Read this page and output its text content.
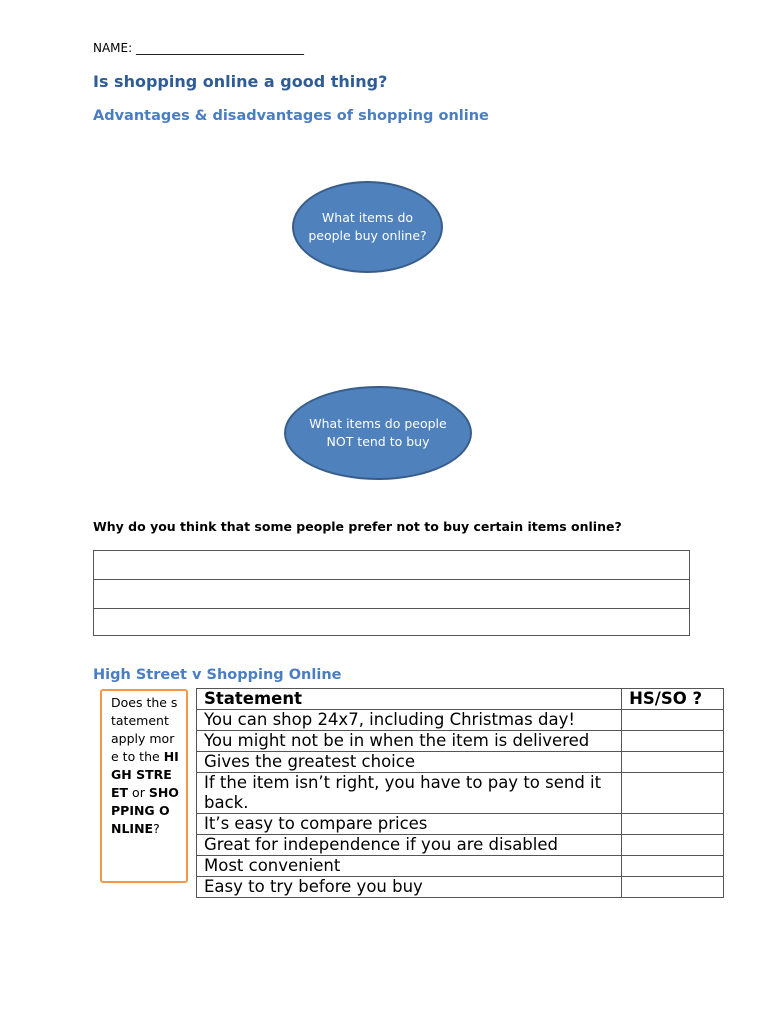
NAME: ____________________________
Is shopping online a good thing?
Advantages & disadvantages of shopping online
What items do people buy online?
What items do people NOT tend to buy
Why do you think that some people prefer not to buy certain items online?
High Street v Shopping Online
Does the statement apply more to the HIGH STREET or SHOPPING ONLINE?
Statement	HS/SO ?
You can shop 24x7, including Christmas day!	
You might not be in when the item is delivered	
Gives the greatest choice	
If the item isn’t right, you have to pay to send it back.	
It’s easy to compare prices	
Great for independence if you are disabled	
Most convenient	
Easy to try before you buy	
